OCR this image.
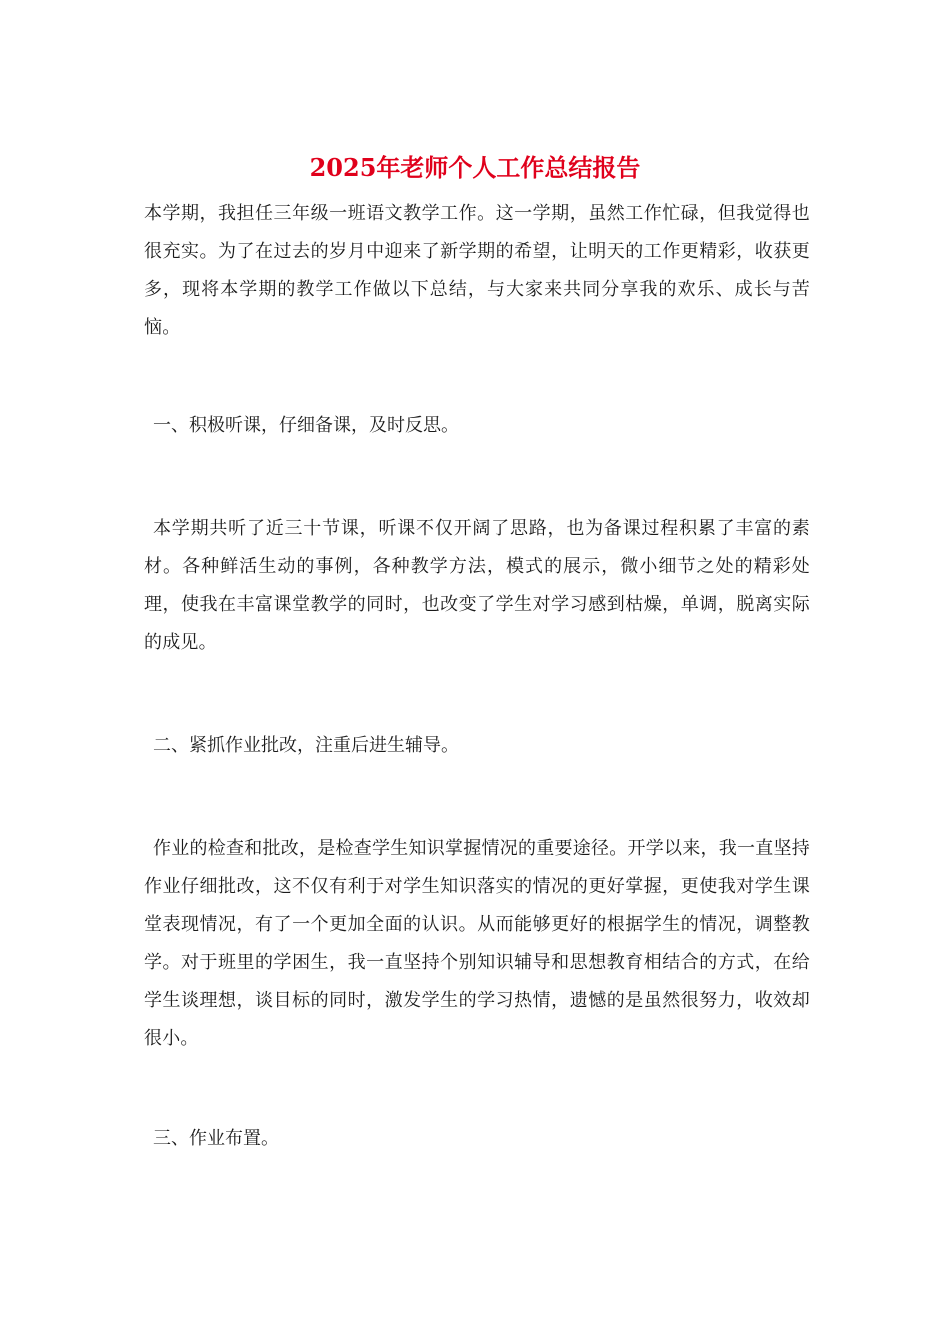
2025年老师个人工作总结报告

本学期，我担任三年级一班语文教学工作。这一学期，虽然工作忙碌，但我觉得也很充实。为了在过去的岁月中迎来了新学期的希望，让明天的工作更精彩，收获更多，现将本学期的教学工作做以下总结，与大家来共同分享我的欢乐、成长与苦恼。

一、积极听课，仔细备课，及时反思。

本学期共听了近三十节课，听课不仅开阔了思路，也为备课过程积累了丰富的素材。各种鲜活生动的事例，各种教学方法，模式的展示，微小细节之处的精彩处理，使我在丰富课堂教学的同时，也改变了学生对学习感到枯燥，单调，脱离实际的成见。

二、紧抓作业批改，注重后进生辅导。

作业的检查和批改，是检查学生知识掌握情况的重要途径。开学以来，我一直坚持作业仔细批改，这不仅有利于对学生知识落实的情况的更好掌握，更使我对学生课堂表现情况，有了一个更加全面的认识。从而能够更好的根据学生的情况，调整教学。对于班里的学困生，我一直坚持个别知识辅导和思想教育相结合的方式，在给学生谈理想，谈目标的同时，激发学生的学习热情，遗憾的是虽然很努力，收效却很小。

三、作业布置。
